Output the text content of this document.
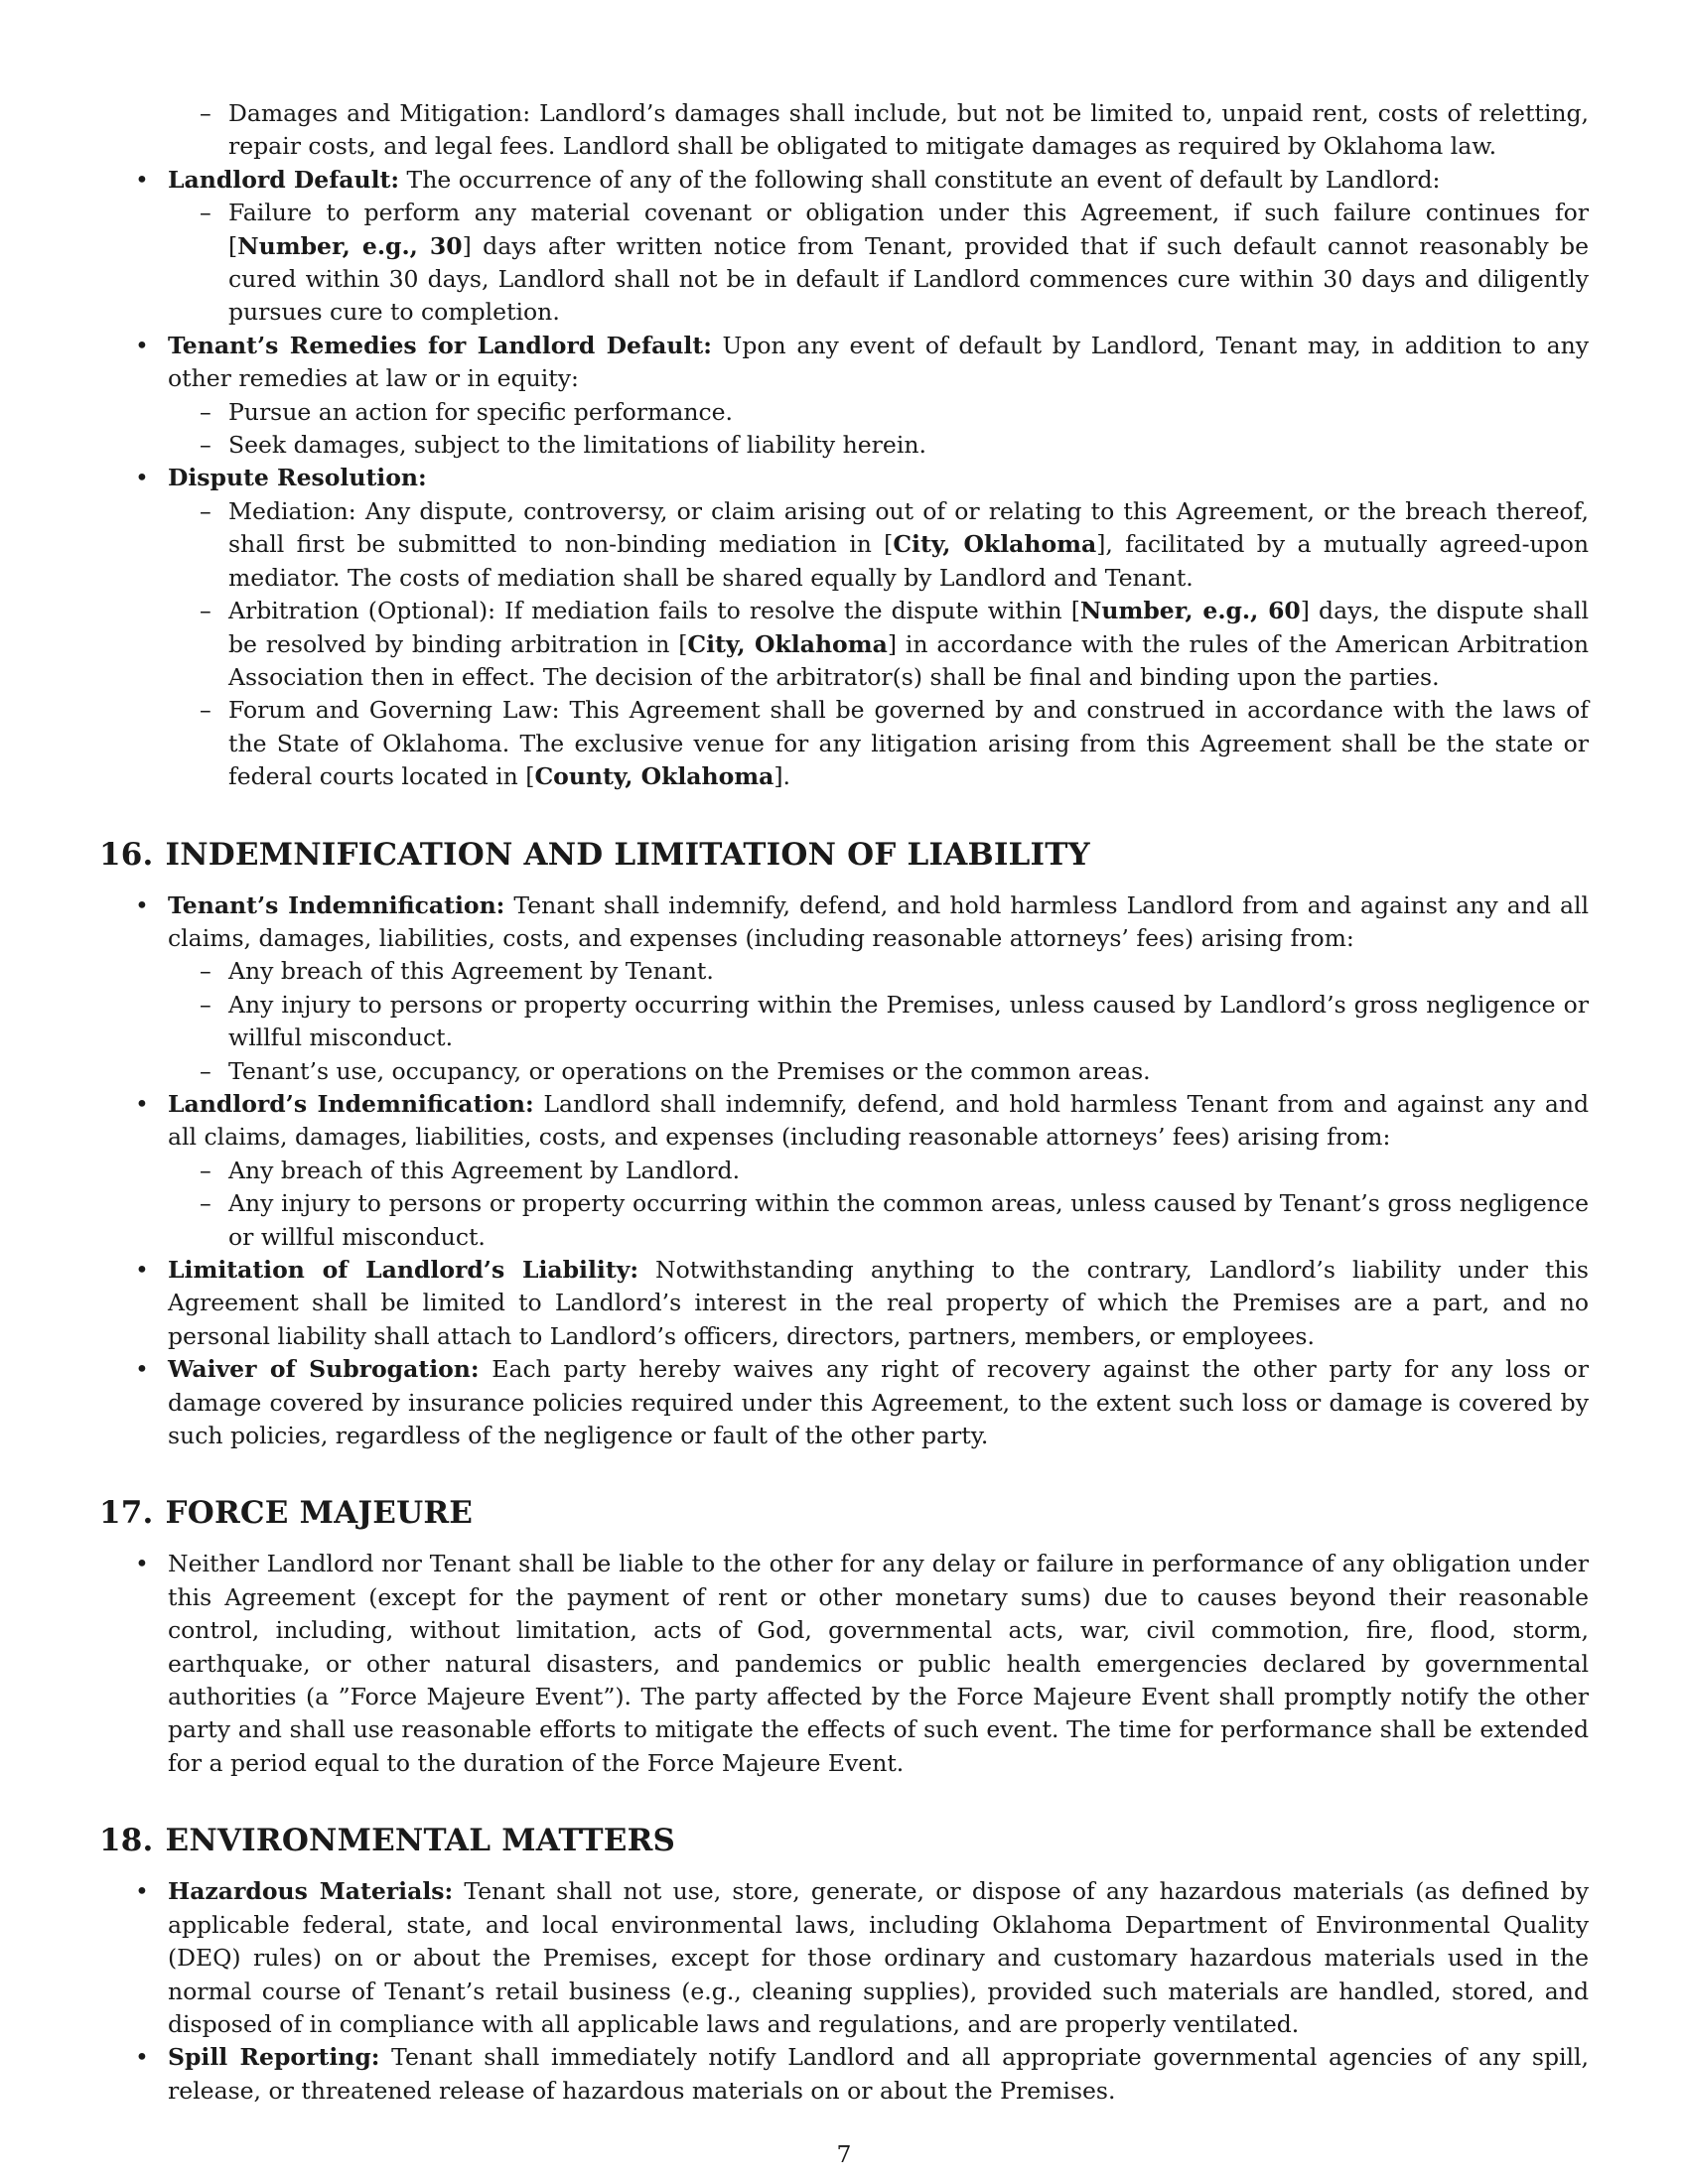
– Damages and Mitigation: Landlord’s damages shall include, but not be limited to, unpaid rent, costs of reletting, repair costs, and legal fees. Landlord shall be obligated to mitigate damages as required by Oklahoma law.
• Landlord Default: The occurrence of any of the following shall constitute an event of default by Landlord:
– Failure to perform any material covenant or obligation under this Agreement, if such failure continues for [Number, e.g., 30] days after written notice from Tenant, provided that if such default cannot reasonably be cured within 30 days, Landlord shall not be in default if Landlord commences cure within 30 days and diligently pursues cure to completion.
• Tenant’s Remedies for Landlord Default: Upon any event of default by Landlord, Tenant may, in addition to any other remedies at law or in equity:
– Pursue an action for specific performance.
– Seek damages, subject to the limitations of liability herein.
• Dispute Resolution:
– Mediation: Any dispute, controversy, or claim arising out of or relating to this Agreement, or the breach thereof, shall first be submitted to non-binding mediation in [City, Oklahoma], facilitated by a mutually agreed-upon mediator. The costs of mediation shall be shared equally by Landlord and Tenant.
– Arbitration (Optional): If mediation fails to resolve the dispute within [Number, e.g., 60] days, the dispute shall be resolved by binding arbitration in [City, Oklahoma] in accordance with the rules of the American Arbitration Association then in effect. The decision of the arbitrator(s) shall be final and binding upon the parties.
– Forum and Governing Law: This Agreement shall be governed by and construed in accordance with the laws of the State of Oklahoma. The exclusive venue for any litigation arising from this Agreement shall be the state or federal courts located in [County, Oklahoma].
16. INDEMNIFICATION AND LIMITATION OF LIABILITY
• Tenant’s Indemnification: Tenant shall indemnify, defend, and hold harmless Landlord from and against any and all claims, damages, liabilities, costs, and expenses (including reasonable attorneys’ fees) arising from:
– Any breach of this Agreement by Tenant.
– Any injury to persons or property occurring within the Premises, unless caused by Landlord’s gross negligence or willful misconduct.
– Tenant’s use, occupancy, or operations on the Premises or the common areas.
• Landlord’s Indemnification: Landlord shall indemnify, defend, and hold harmless Tenant from and against any and all claims, damages, liabilities, costs, and expenses (including reasonable attorneys’ fees) arising from:
– Any breach of this Agreement by Landlord.
– Any injury to persons or property occurring within the common areas, unless caused by Tenant’s gross negligence or willful misconduct.
• Limitation of Landlord’s Liability: Notwithstanding anything to the contrary, Landlord’s liability under this Agreement shall be limited to Landlord’s interest in the real property of which the Premises are a part, and no personal liability shall attach to Landlord’s officers, directors, partners, members, or employees.
• Waiver of Subrogation: Each party hereby waives any right of recovery against the other party for any loss or damage covered by insurance policies required under this Agreement, to the extent such loss or damage is covered by such policies, regardless of the negligence or fault of the other party.
17. FORCE MAJEURE
• Neither Landlord nor Tenant shall be liable to the other for any delay or failure in performance of any obligation under this Agreement (except for the payment of rent or other monetary sums) due to causes beyond their reasonable control, including, without limitation, acts of God, governmental acts, war, civil commotion, fire, flood, storm, earthquake, or other natural disasters, and pandemics or public health emergencies declared by governmental authorities (a ”Force Majeure Event”). The party affected by the Force Majeure Event shall promptly notify the other party and shall use reasonable efforts to mitigate the effects of such event. The time for performance shall be extended for a period equal to the duration of the Force Majeure Event.
18. ENVIRONMENTAL MATTERS
• Hazardous Materials: Tenant shall not use, store, generate, or dispose of any hazardous materials (as defined by applicable federal, state, and local environmental laws, including Oklahoma Department of Environmental Quality (DEQ) rules) on or about the Premises, except for those ordinary and customary hazardous materials used in the normal course of Tenant’s retail business (e.g., cleaning supplies), provided such materials are handled, stored, and disposed of in compliance with all applicable laws and regulations, and are properly ventilated.
• Spill Reporting: Tenant shall immediately notify Landlord and all appropriate governmental agencies of any spill, release, or threatened release of hazardous materials on or about the Premises.
7
